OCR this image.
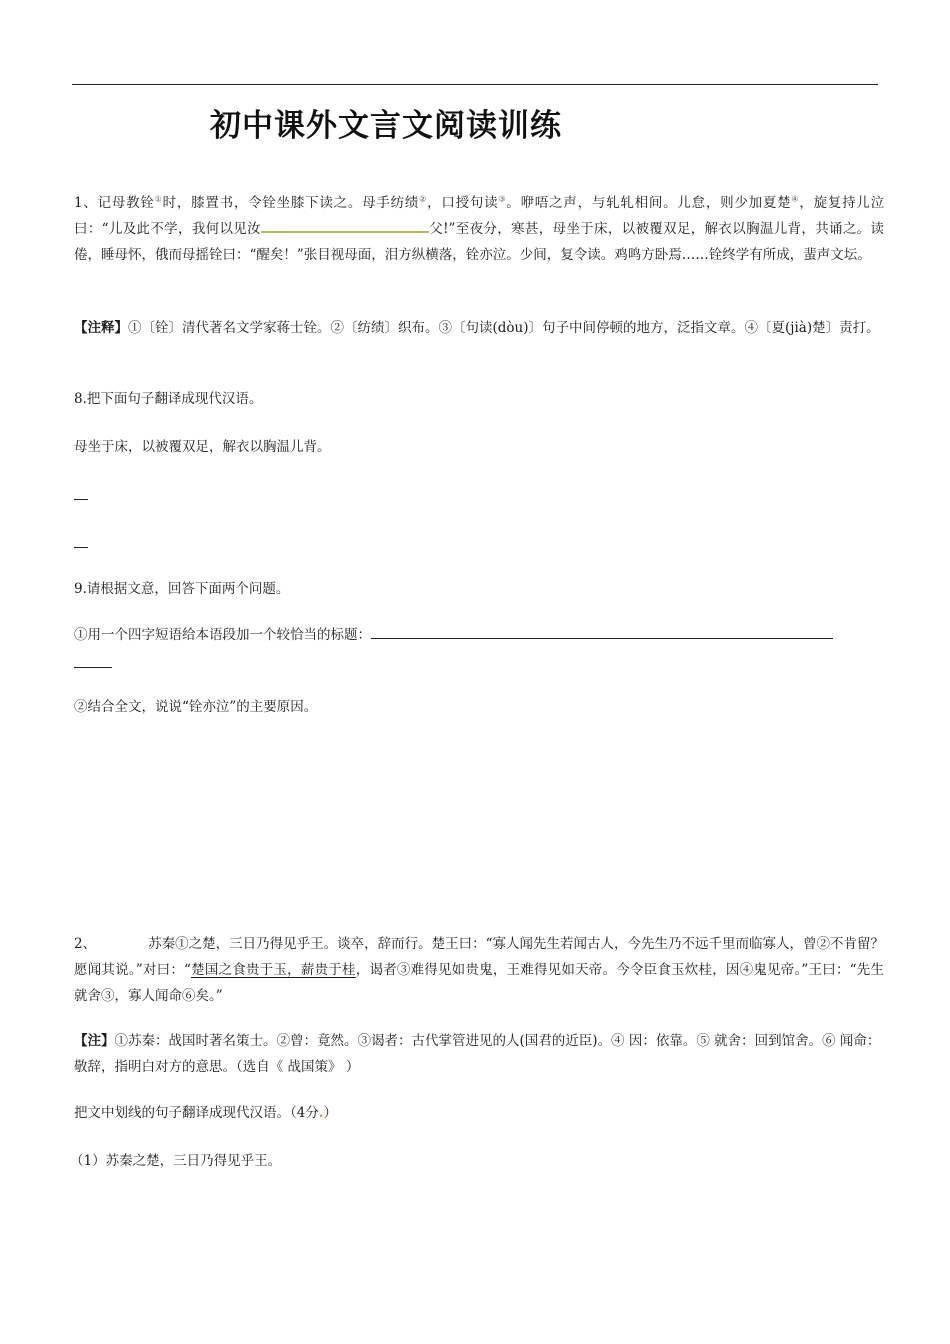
初中课外文言文阅读训练

1、记母教铨①时，膝置书，令铨坐膝下读之。母手纺绩②，口授句读③。咿唔之声，与轧轧相间。儿怠，则少加夏楚④，旋复持儿泣曰：“儿及此不学，我何以见汝	父!”至夜分，寒甚，母坐于床，以被覆双足，解衣以胸温儿背，共诵之。读倦，睡母怀，俄而母摇铨曰：“醒矣！”张目视母面，泪方纵横落，铨亦泣。少间，复令读。鸡鸣方卧焉……铨终学有所成，蜚声文坛。

【注释】①〔铨〕清代著名文学家蒋士铨。②〔纺绩〕织布。③〔句读(dòu)〕句子中间停顿的地方，泛指文章。④〔夏(jià)楚〕责打。

8.把下面句子翻译成现代汉语。

母坐于床，以被覆双足，解衣以胸温儿背。

9.请根据文意，回答下面两个问题。

①用一个四字短语给本语段加一个较恰当的标题：

②结合全文，说说“铨亦泣”的主要原因。

2、	苏秦①之楚，三日乃得见乎王。谈卒，辞而行。楚王曰：“寡人闻先生若闻古人，今先生乃不远千里而临寡人，曾②不肯留？愿闻其说。”对曰：“楚国之食贵于玉，薪贵于桂，谒者③难得见如贵鬼，王难得见如天帝。今令臣食玉炊桂，因④鬼见帝。”王曰：“先生就舍③，寡人闻命⑥矣。”

【注】①苏秦：战国时著名策士。②曾：竟然。③谒者：古代掌管进见的人(国君的近臣)。④ 因：依靠。⑤ 就舍：回到馆舍。⑥ 闻命：敬辞，指明白对方的意思。（选自《 战国策》 ）

把文中划线的句子翻译成现代汉语。（4分.）

（1）苏秦之楚，三日乃得见乎王。
